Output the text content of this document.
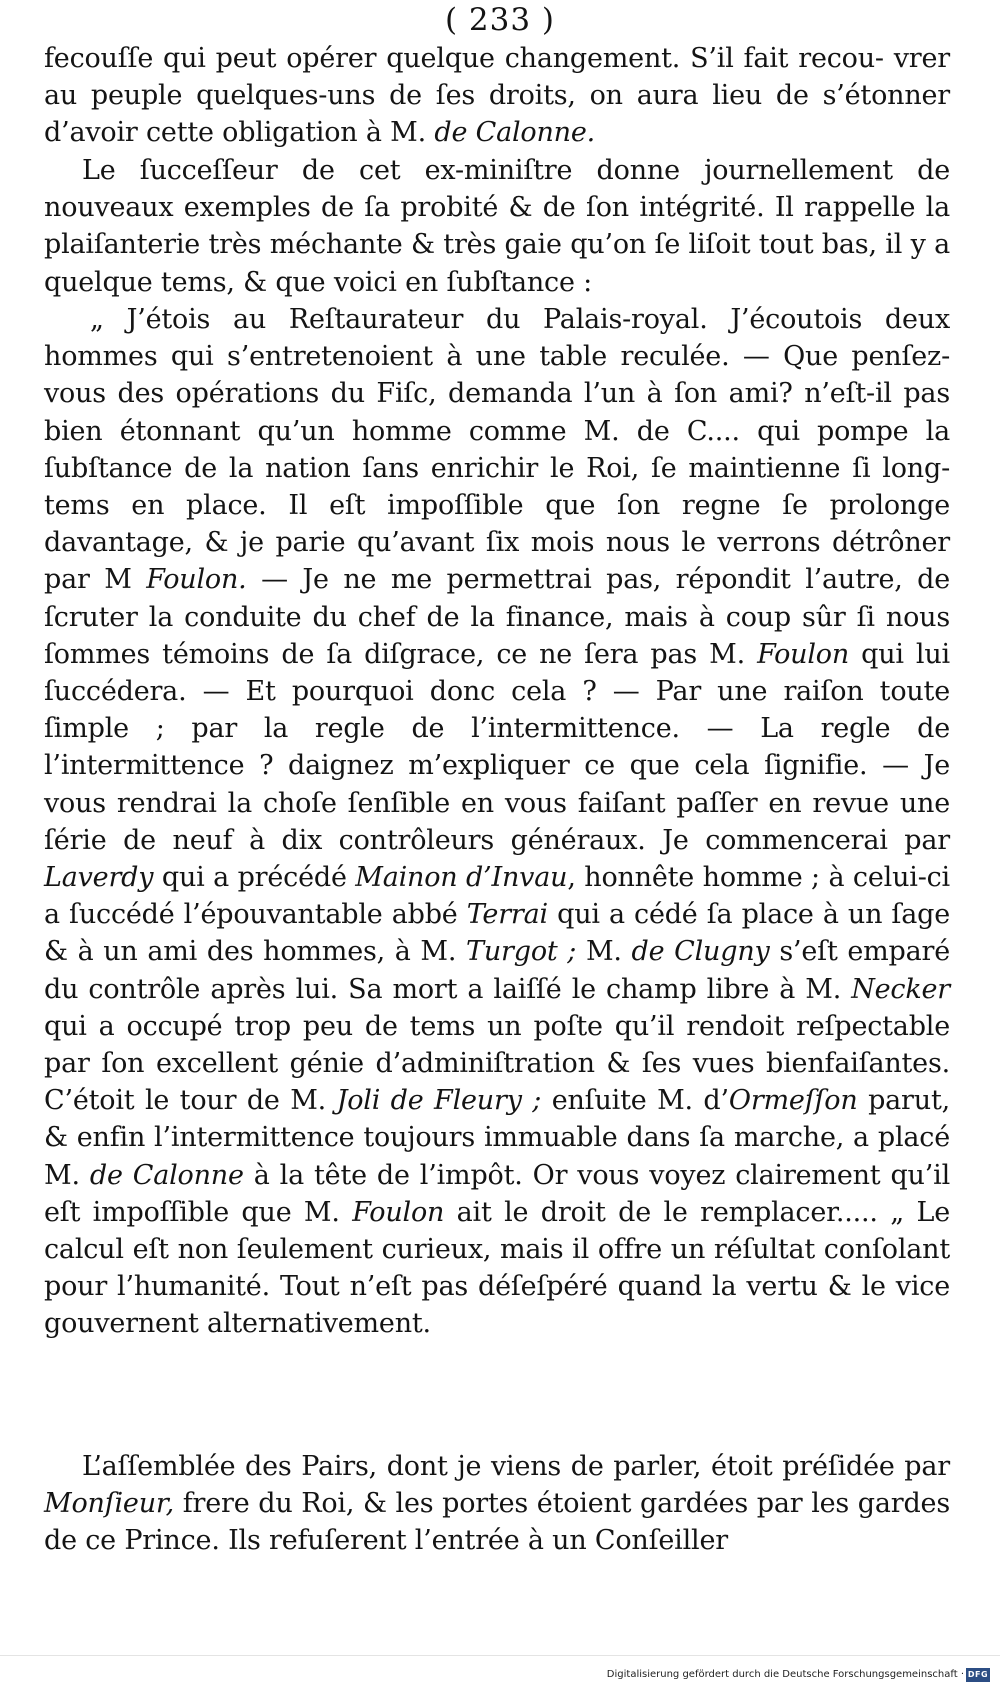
( 233 )

fecouſſe qui peut opérer quelque changement. S’il fait recou- vrer au peuple quelques-uns de ſes droits, on aura lieu de s’étonner d’avoir cette obligation à M. de Calonne.

Le ſucceſſeur de cet ex-miniſtre donne journellement de nouveaux exemples de ſa probité & de ſon intégrité. Il rappelle la plaiſanterie très méchante & très gaie qu’on ſe liſoit tout bas, il y a quelque tems, & que voici en ſubſtance :

„ J’étois au Reſtaurateur du Palais-royal. J’écoutois deux hommes qui s’entretenoient à une table reculée. — Que penſez-vous des opérations du Fiſc, demanda l’un à ſon ami? n’eſt-il pas bien étonnant qu’un homme comme M. de C.... qui pompe la ſubſtance de la nation ſans enrichir le Roi, ſe maintienne ſi long-tems en place. Il eſt impoſſible que ſon regne ſe prolonge davantage, & je parie qu’avant ſix mois nous le verrons détrôner par M Foulon. — Je ne me permettrai pas, répondit l’autre, de ſcruter la conduite du chef de la finance, mais à coup sûr ſi nous ſommes témoins de ſa diſgrace, ce ne ſera pas M. Foulon qui lui ſuccédera. — Et pourquoi donc cela ? — Par une raiſon toute ſimple ; par la regle de l’intermittence. — La regle de l’intermittence ? daignez m’expliquer ce que cela ſignifie. — Je vous rendrai la choſe ſenſible en vous faiſant paſſer en revue une ſérie de neuf à dix contrôleurs généraux. Je commencerai par Laverdy qui a précédé Mainon d’Invau, honnête homme ; à celui-ci a ſuccédé l’épouvantable abbé Terrai qui a cédé ſa place à un ſage & à un ami des hommes, à M. Turgot ; M. de Clugny s’eſt emparé du contrôle après lui. Sa mort a laiſſé le champ libre à M. Necker qui a occupé trop peu de tems un poſte qu’il rendoit reſpectable par ſon excellent génie d’adminiſtration & ſes vues bienfaiſantes. C’étoit le tour de M. Joli de Fleury ; enſuite M. d’Ormeſſon parut, & enfin l’intermittence toujours immuable dans ſa marche, a placé M. de Calonne à la tête de l’impôt. Or vous voyez clairement qu’il eſt impoſſible que M. Foulon ait le droit de le remplacer..... „ Le calcul eſt non ſeulement curieux, mais il offre un réſultat conſolant pour l’humanité. Tout n’eſt pas déſeſpéré quand la vertu & le vice gouvernent alternativement.

L’aſſemblée des Pairs, dont je viens de parler, étoit préſidée par Monſieur, frere du Roi, & les portes étoient gardées par les gardes de ce Prince. Ils refuſerent l’entrée à un Conſeiller

Digitalisierung gefördert durch die Deutsche Forschungsgemeinschaft · DFG
